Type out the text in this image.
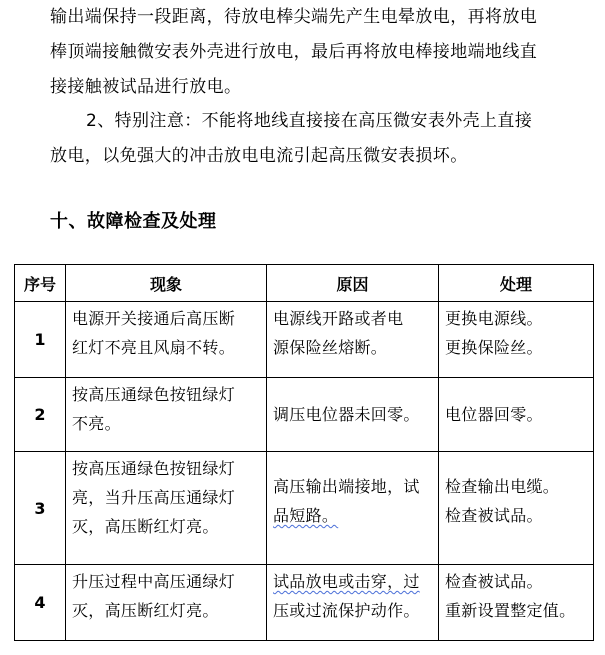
输出端保持一段距离，待放电棒尖端先产生电晕放电，再将放电
棒顶端接触微安表外壳进行放电，最后再将放电棒接地端地线直
接接触被试品进行放电。
2、特别注意：不能将地线直接接在高压微安表外壳上直接
放电，以免强大的冲击放电电流引起高压微安表损坏。
十、故障检查及处理
序号	现象	原因	处理
1	电源开关接通后高压断
红灯不亮且风扇不转。	电源线开路或者电
源保险丝熔断。	更换电源线。
更换保险丝。

2	按高压通绿色按钮绿灯
不亮。	调压电位器未回零。	电位器回零。

3	按高压通绿色按钮绿灯
亮，当升压高压通绿灯
灭，高压断红灯亮。	高压输出端接地，试
品短路。	检查输出电缆。
检查被试品。

4	升压过程中高压通绿灯
灭，高压断红灯亮。	试品放电或击穿，过
压或过流保护动作。	检查被试品。
重新设置整定值。
